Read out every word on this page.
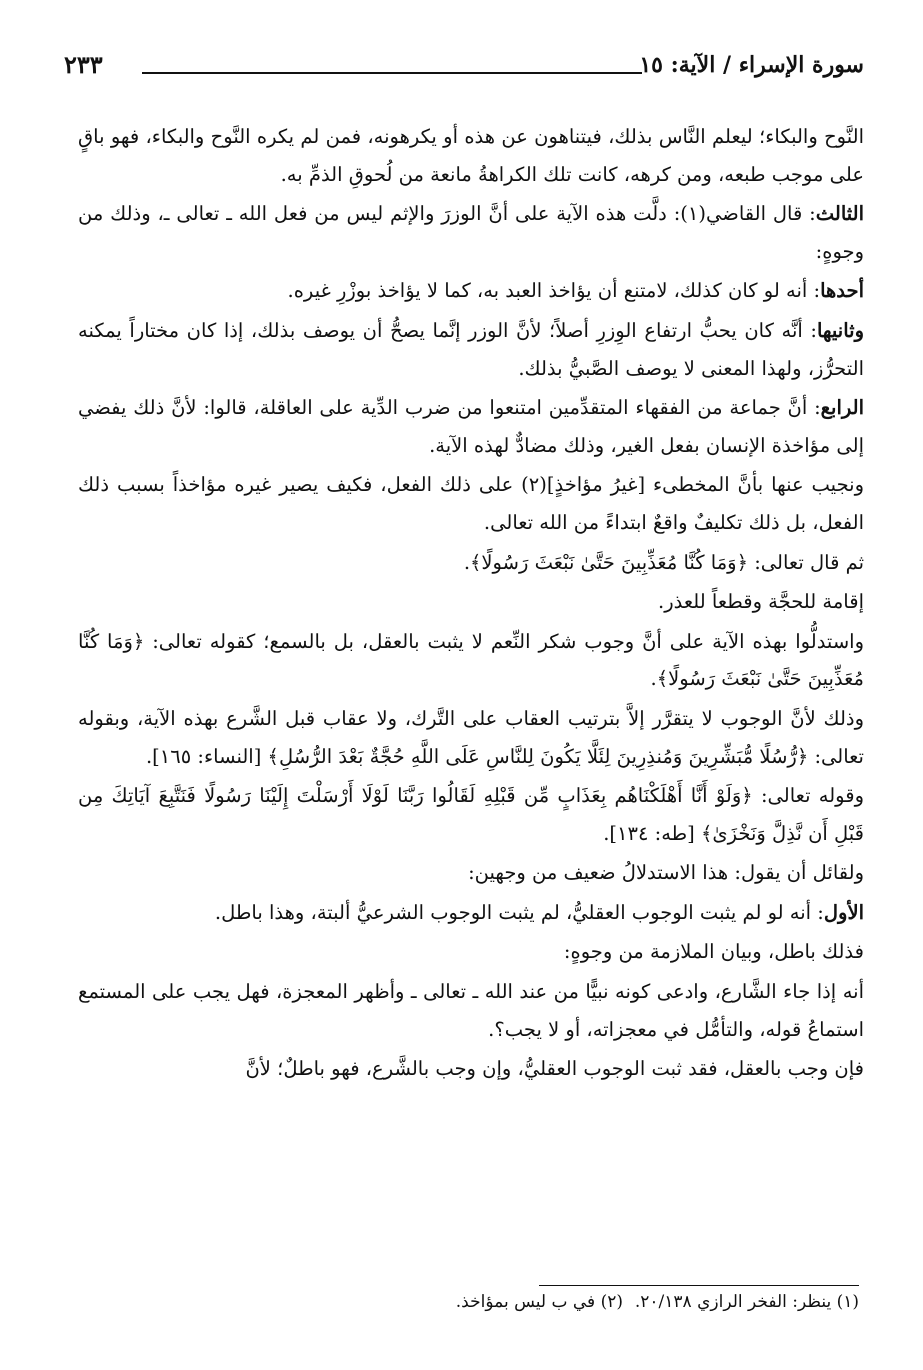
سورة الإسراء / الآية: ١٥
٢٣٣

النَّوح والبكاء؛ ليعلم النَّاس بذلك، فيتناهون عن هذه أو يكرهونه، فمن لم يكره النَّوح والبكاء، فهو باقٍ على موجب طبعه، ومن كرهه، كانت تلك الكراهةُ مانعة من لُحوقِ الذمِّ به.

الثالث: قال القاضي(١): دلَّت هذه الآية على أنَّ الوزرَ والإثم ليس من فعل الله ـ تعالى ـ، وذلك من وجوهٍ:

أحدها: أنه لو كان كذلك، لامتنع أن يؤاخذ العبد به، كما لا يؤاخذ بوزْرِ غيره.

وثانيها: أنَّه كان يحبُّ ارتفاع الوِزرِ أصلاً؛ لأنَّ الوزر إنَّما يصحُّ أن يوصف بذلك، إذا كان مختاراً يمكنه التحرُّز، ولهذا المعنى لا يوصف الصَّبيُّ بذلك.

الرابع: أنَّ جماعة من الفقهاء المتقدِّمين امتنعوا من ضرب الدِّية على العاقلة، قالوا: لأنَّ ذلك يفضي إلى مؤاخذة الإنسان بفعل الغير، وذلك مضادٌّ لهذه الآية.

ونجيب عنها بأنَّ المخطىء [غيرُ مؤاخذٍ](٢) على ذلك الفعل، فكيف يصير غيره مؤاخذاً بسبب ذلك الفعل، بل ذلك تكليفٌ واقعٌ ابتداءً من الله تعالى.

ثم قال تعالى: ﴿وَمَا كُنَّا مُعَذِّبِينَ حَتَّىٰ نَبْعَثَ رَسُولًا﴾.

إقامة للحجَّة وقطعاً للعذر.

واستدلُّوا بهذه الآية على أنَّ وجوب شكر النِّعم لا يثبت بالعقل، بل بالسمع؛ كقوله تعالى: ﴿وَمَا كُنَّا مُعَذِّبِينَ حَتَّىٰ نَبْعَثَ رَسُولًا﴾.

وذلك لأنَّ الوجوب لا يتقرَّر إلاَّ بترتيب العقاب على التَّرك، ولا عقاب قبل الشَّرع بهذه الآية، وبقوله تعالى: ﴿رُّسُلًا مُّبَشِّرِينَ وَمُنذِرِينَ لِئَلَّا يَكُونَ لِلنَّاسِ عَلَى اللَّهِ حُجَّةٌ بَعْدَ الرُّسُلِ﴾ [النساء: ١٦٥].

وقوله تعالى: ﴿وَلَوْ أَنَّا أَهْلَكْنَاهُم بِعَذَابٍ مِّن قَبْلِهِ لَقَالُوا رَبَّنَا لَوْلَا أَرْسَلْتَ إِلَيْنَا رَسُولًا فَنَتَّبِعَ آيَاتِكَ مِن قَبْلِ أَن نَّذِلَّ وَنَخْزَىٰ﴾ [طه: ١٣٤].

ولقائل أن يقول: هذا الاستدلالُ ضعيف من وجهين:

الأول: أنه لو لم يثبت الوجوب العقليُّ، لم يثبت الوجوب الشرعيُّ ألبتة، وهذا باطل.

فذلك باطل، وبيان الملازمة من وجوهٍ:

أنه إذا جاء الشَّارع، وادعى كونه نبيًّا من عند الله ـ تعالى ـ وأظهر المعجزة، فهل يجب على المستمع استماعُ قوله، والتأمُّل في معجزاته، أو لا يجب؟.

فإن وجب بالعقل، فقد ثبت الوجوب العقليُّ، وإن وجب بالشَّرع، فهو باطلٌ؛ لأنَّ

(١) ينظر: الفخر الرازي ٢٠/١٣٨.
(٢) في ب ليس بمؤاخذ.
